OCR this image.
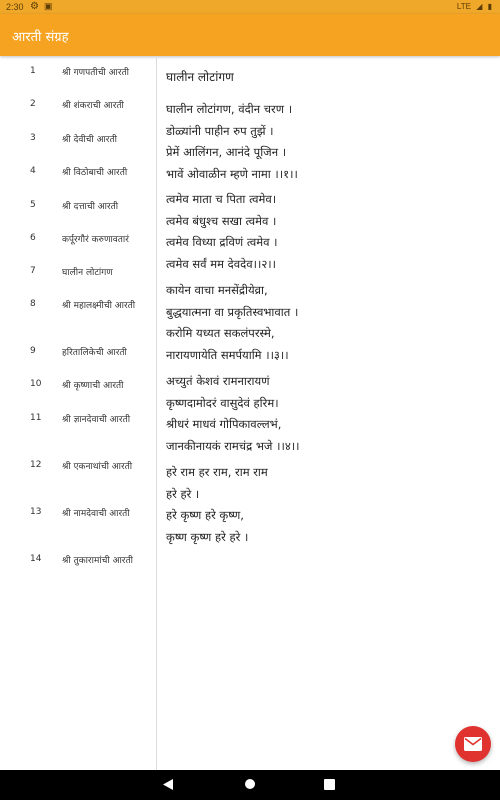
2:30 ⚙ ▣	LTE ◢ ▮
आरती संग्रह
1	श्री गणपतीची आरती
2	श्री शंकराची आरती
3	श्री देवीची आरती
4	श्री विठोबाची आरती
5	श्री दत्ताची आरती
6	कर्पूरगौरं करुणावतारं
7	घालीन लोटांगण
8	श्री महालक्ष्मीची आरती
9	हरितालिकेची आरती
10 श्री कृष्णाची आरती
11 श्री ज्ञानदेवाची आरती
12 श्री एकनाथांची आरती
13 श्री नामदेवाची आरती
14 श्री तुकारामांची आरती
घालीन लोटांगण
घालीन लोटांगण, वंदीन चरण ।
डोळ्यांनी पाहीन रुप तुझें ।
प्रेमें आलिंगन, आनंदे पूजिन ।
भावें ओवाळीन म्हणे नामा ।।१।।
त्वमेव माता च पिता त्वमेव।
त्वमेव बंधुश्च सखा त्वमेव ।
त्वमेव विध्या द्रविणं त्वमेव ।
त्वमेव सर्वं मम देवदेव।।२।।
कायेन वाचा मनसेंद्रीयेव्रा,
बुद्धयात्मना वा प्रकृतिस्वभावात ।
करोमि यध्यत सकलंपरस्मे,
नारायणायेति समर्पयामि ।।३।।
अच्युतं केशवं रामनारायणं
कृष्णदामोदरं वासुदेवं हरिम।
श्रीधरं माधवं गोपिकावल्लभं,
जानकीनायकं रामचंद्र भजे ।।४।।
हरे राम हर राम, राम राम
हरे हरे ।
हरे कृष्ण हरे कृष्ण,
कृष्ण कृष्ण हरे हरे ।
